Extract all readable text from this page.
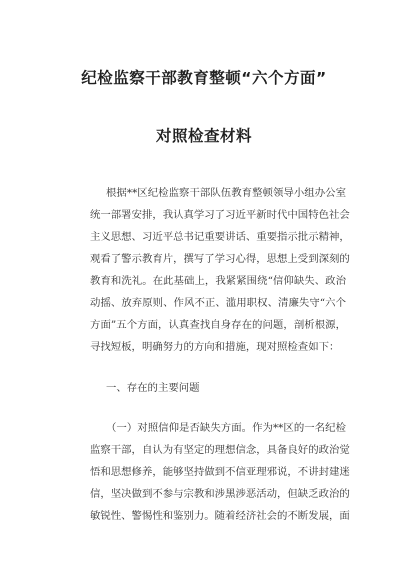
纪检监察干部教育整顿“六个方面”
对照检查材料
根据**区纪检监察干部队伍教育整顿领导小组办公室
统一部署安排，我认真学习了习近平新时代中国特色社会
主义思想、习近平总书记重要讲话、重要指示批示精神，
观看了警示教育片，撰写了学习心得，思想上受到深刻的
教育和洗礼。在此基础上，我紧紧围绕“信仰缺失、政治
动摇、放弃原则、作风不正、滥用职权、清廉失守“六个
方面”五个方面，认真查找自身存在的问题，剖析根源，
寻找短板，明确努力的方向和措施，现对照检查如下：
一、存在的主要问题
（一）对照信仰是否缺失方面。作为**区的一名纪检
监察干部，自认为有坚定的理想信念，具备良好的政治觉
悟和思想修养，能够坚持做到不信亚理邪说，不讲封建迷
信，坚决做到不参与宗教和涉黑涉恶活动，但缺乏政治的
敏锐性、警惕性和鉴别力。随着经济社会的不断发展，面
